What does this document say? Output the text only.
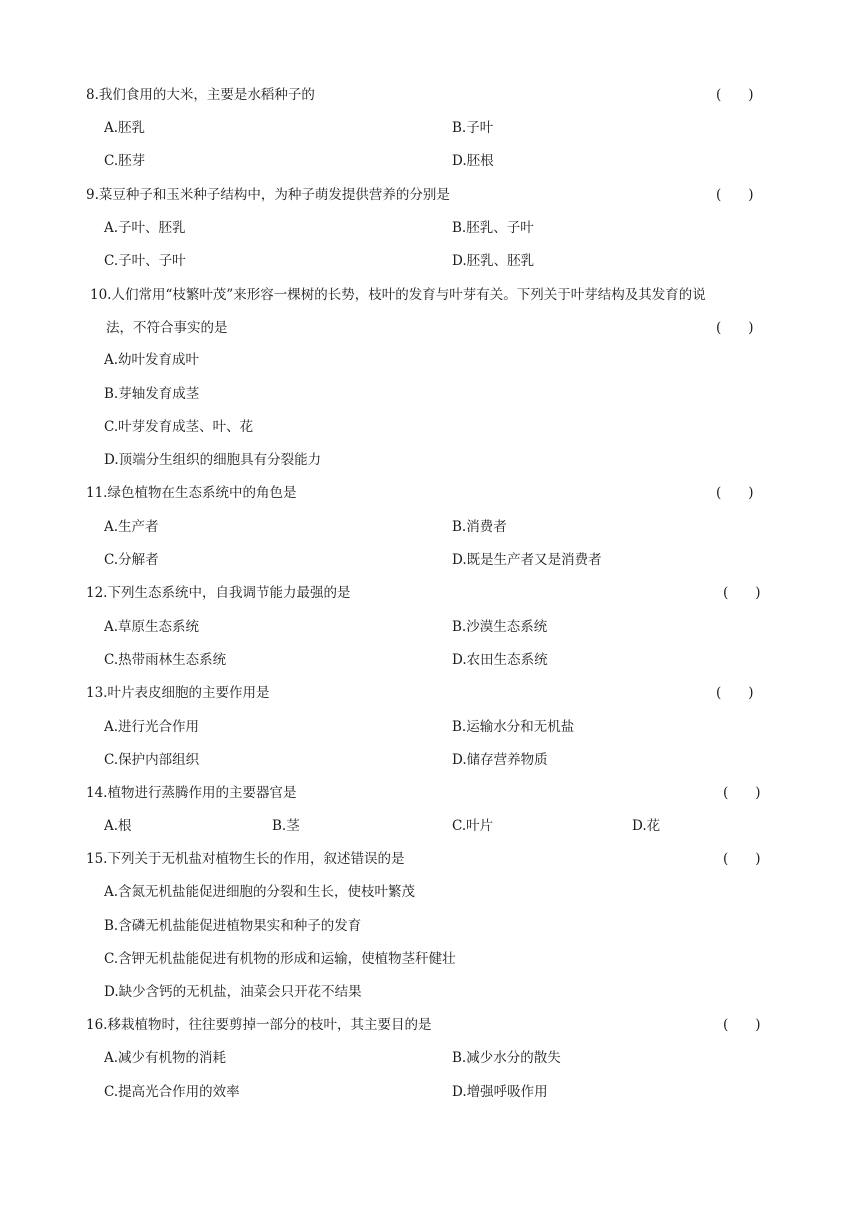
8.我们食用的大米，主要是水稻种子的	(　　)
A.胚乳	B.子叶
C.胚芽	D.胚根
9.菜豆种子和玉米种子结构中，为种子萌发提供营养的分别是	(　　)
A.子叶、胚乳	B.胚乳、子叶
C.子叶、子叶	D.胚乳、胚乳
10.人们常用“枝繁叶茂”来形容一棵树的长势，枝叶的发育与叶芽有关。下列关于叶芽结构及其发育的说
法，不符合事实的是	(　　)
A.幼叶发育成叶
B.芽轴发育成茎
C.叶芽发育成茎、叶、花
D.顶端分生组织的细胞具有分裂能力
11.绿色植物在生态系统中的角色是	(　　)
A.生产者	B.消费者
C.分解者	D.既是生产者又是消费者
12.下列生态系统中，自我调节能力最强的是	(　　)
A.草原生态系统	B.沙漠生态系统
C.热带雨林生态系统	D.农田生态系统
13.叶片表皮细胞的主要作用是	(　　)
A.进行光合作用	B.运输水分和无机盐
C.保护内部组织	D.储存营养物质
14.植物进行蒸腾作用的主要器官是	(　　)
A.根	B.茎	C.叶片	D.花
15.下列关于无机盐对植物生长的作用，叙述错误的是	(　　)
A.含氮无机盐能促进细胞的分裂和生长，使枝叶繁茂
B.含磷无机盐能促进植物果实和种子的发育
C.含钾无机盐能促进有机物的形成和运输，使植物茎秆健壮
D.缺少含钙的无机盐，油菜会只开花不结果
16.移栽植物时，往往要剪掉一部分的枝叶，其主要目的是	(　　)
A.减少有机物的消耗	B.减少水分的散失
C.提高光合作用的效率	D.增强呼吸作用
